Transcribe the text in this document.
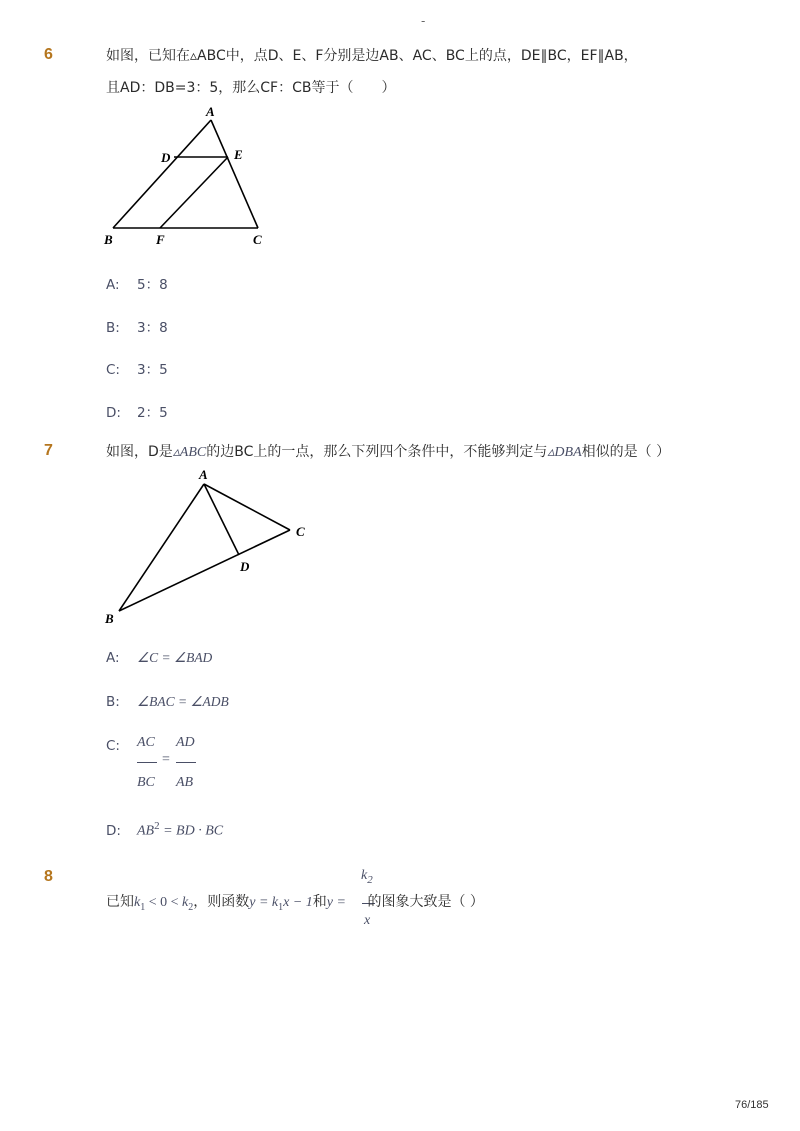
-
6	如图，已知在▵ABC中，点D、E、F分别是边AB、AC、BC上的点，DE∥BC，EF∥AB，
且AD：DB=3：5，那么CF：CB等于（　　）
A
D	E
B	F	C
A: 5：8
B: 3：8
C: 3：5
D: 2：5
7	如图，D是▵ABC的边BC上的一点，那么下列四个条件中，不能够判定与▵DBA相似的是（ ）
A
C
D
B
A: ∠C = ∠BAD
B: ∠BAC = ∠ADB
C: AC
BC
=
AD
AB
D: $AB^2$ = BD · BC
8	$k_2$
x
已知$k_1 < 0 < k_2$，则函数$y = k_1x - 1$和y = 的图象大致是（ ）
76/185
